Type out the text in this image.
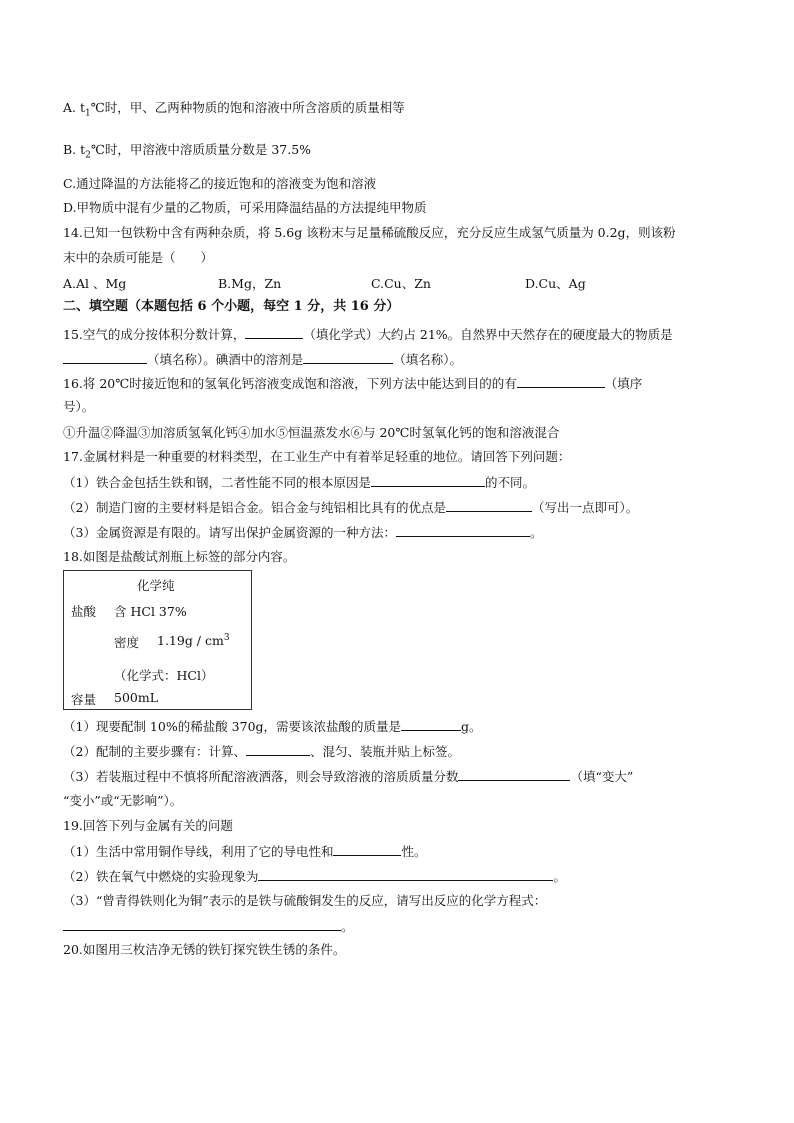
A. $t_1℃$时，甲、乙两种物质的饱和溶液中所含溶质的质量相等
B. $t_2℃$时，甲溶液中溶质质量分数是 37.5%
C.通过降温的方法能将乙的接近饱和的溶液变为饱和溶液
D.甲物质中混有少量的乙物质，可采用降温结晶的方法提纯甲物质
14.已知一包铁粉中含有两种杂质，将 5.6g 该粉末与足量稀硫酸反应，充分反应生成氢气质量为 0.2g，则该粉
末中的杂质可能是（　　）
A.Al 、Mg	B.Mg，Zn	C.Cu、Zn	D.Cu、Ag
二、填空题（本题包括 6 个小题，每空 1 分，共 16 分）
15.空气的成分按体积分数计算，	（填化学式）大约占 21%。自然界中天然存在的硬度最大的物质是
（填名称）。碘酒中的溶剂是	（填名称）。
16.将 20℃时接近饱和的氢氧化钙溶液变成饱和溶液，下列方法中能达到目的的有	（填序
号）。
①升温②降温③加溶质氢氧化钙④加水⑤恒温蒸发水⑥与 20℃时氢氧化钙的饱和溶液混合
17.金属材料是一种重要的材料类型，在工业生产中有着举足轻重的地位。请回答下列问题：
（1）铁合金包括生铁和钢，二者性能不同的根本原因是	的不同。
（2）制造门窗的主要材料是铝合金。铝合金与纯铝相比具有的优点是	（写出一点即可）。
（3）金属资源是有限的。请写出保护金属资源的一种方法：	。
18.如图是盐酸试剂瓶上标签的部分内容。
化学纯
盐酸 含 HCl 37%
密度 $1.19g / cm^3$
（化学式：HCl）
容量 500mL
（1）现要配制 10%的稀盐酸 370g，需要该浓盐酸的质量是	g。
（2）配制的主要步骤有：计算、	、混匀、装瓶并贴上标签。
（3）若装瓶过程中不慎将所配溶液洒落，则会导致溶液的溶质质量分数	（填“变大”
“变小”或“无影响”）。
19.回答下列与金属有关的问题
（1）生活中常用铜作导线，利用了它的导电性和	性。
（2）铁在氧气中燃烧的实验现象为	。
（3）“曾青得铁则化为铜”表示的是铁与硫酸铜发生的反应，请写出反应的化学方程式：
。
20.如图用三枚洁净无锈的铁钉探究铁生锈的条件。
